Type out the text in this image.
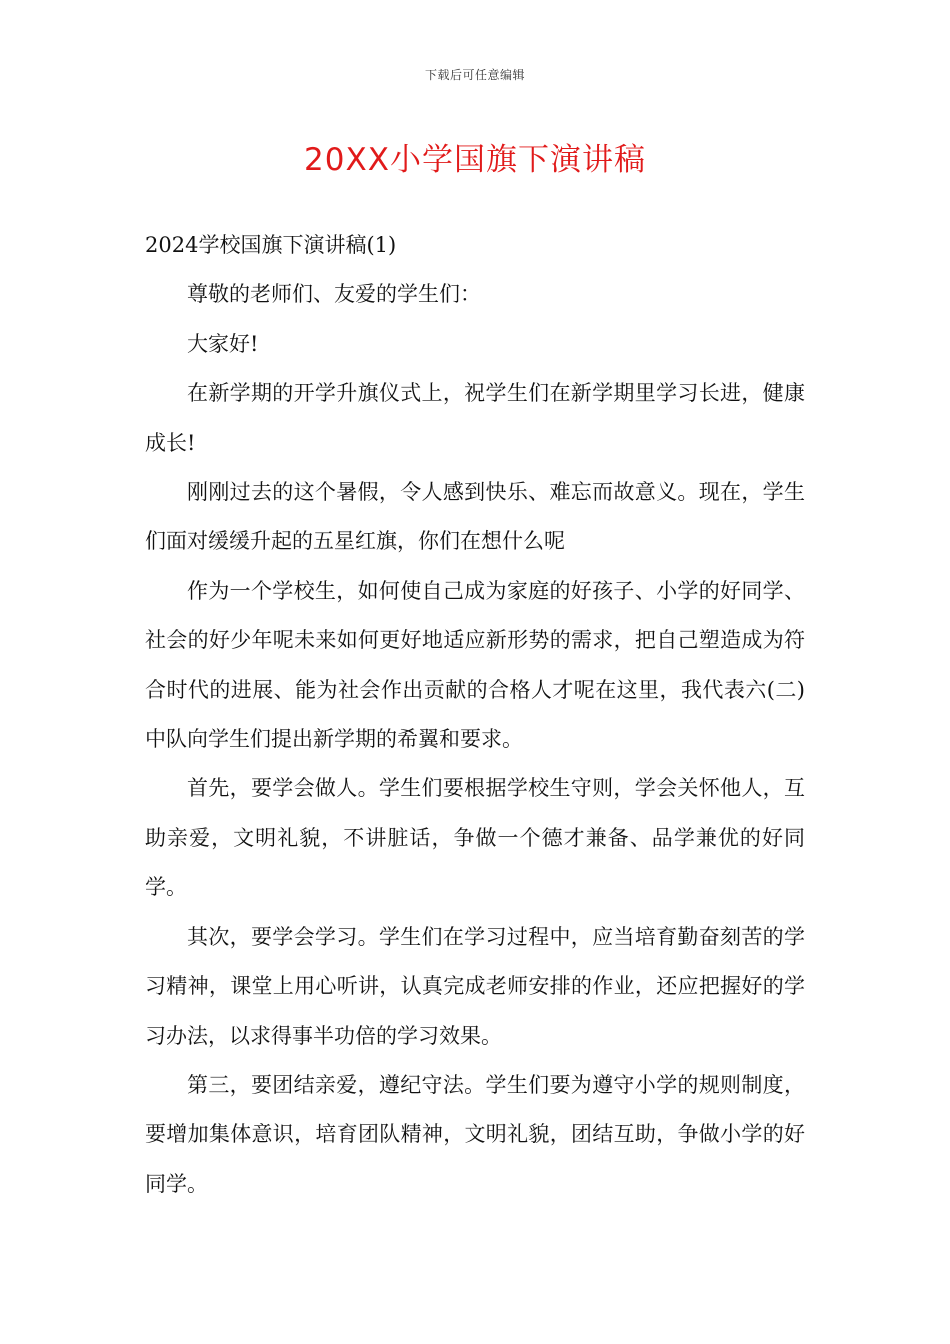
下载后可任意编辑
20XX小学国旗下演讲稿

2024学校国旗下演讲稿(1)

尊敬的老师们、友爱的学生们：

大家好!

在新学期的开学升旗仪式上，祝学生们在新学期里学习长进，健康成长!

刚刚过去的这个暑假，令人感到快乐、难忘而故意义。现在，学生们面对缓缓升起的五星红旗，你们在想什么呢

作为一个学校生，如何使自己成为家庭的好孩子、小学的好同学、社会的好少年呢未来如何更好地适应新形势的需求，把自己塑造成为符合时代的进展、能为社会作出贡献的合格人才呢在这里，我代表六(二)中队向学生们提出新学期的希翼和要求。

首先，要学会做人。学生们要根据学校生守则，学会关怀他人，互助亲爱，文明礼貌，不讲脏话，争做一个德才兼备、品学兼优的好同学。

其次，要学会学习。学生们在学习过程中，应当培育勤奋刻苦的学习精神，课堂上用心听讲，认真完成老师安排的作业，还应把握好的学习办法，以求得事半功倍的学习效果。

第三，要团结亲爱，遵纪守法。学生们要为遵守小学的规则制度，要增加集体意识，培育团队精神，文明礼貌，团结互助，争做小学的好同学。
